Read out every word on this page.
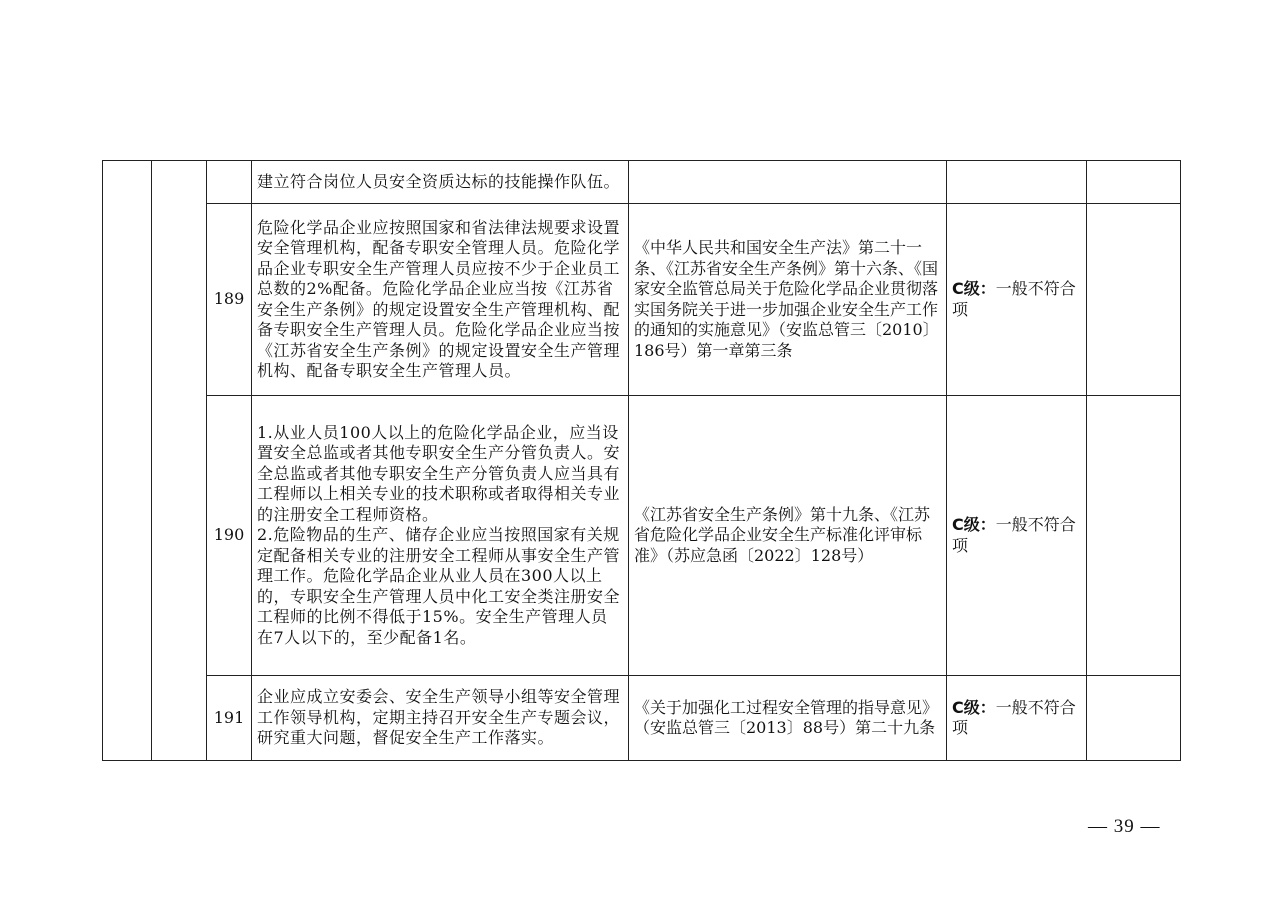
			建立符合岗位人员安全资质达标的技能操作队伍。			

		189	危险化学品企业应按照国家和省法律法规要求设置安全管理机构，配备专职安全管理人员。危险化学品企业专职安全生产管理人员应按不少于企业员工总数的2%配备。危险化学品企业应当按《江苏省安全生产条例》的规定设置安全生产管理机构、配备专职安全生产管理人员。危险化学品企业应当按《江苏省安全生产条例》的规定设置安全生产管理机构、配备专职安全生产管理人员。	《中华人民共和国安全生产法》第二十一条、《江苏省安全生产条例》第十六条、《国家安全监管总局关于危险化学品企业贯彻落实国务院关于进一步加强企业安全生产工作的通知的实施意见》（安监总管三〔2010〕186号）第一章第三条	C级：一般不符合项	
		190	1.从业人员100人以上的危险化学品企业，应当设置安全总监或者其他专职安全生产分管负责人。安全总监或者其他专职安全生产分管负责人应当具有工程师以上相关专业的技术职称或者取得相关专业的注册安全工程师资格。
2.危险物品的生产、储存企业应当按照国家有关规定配备相关专业的注册安全工程师从事安全生产管理工作。危险化学品企业从业人员在300人以上的，专职安全生产管理人员中化工安全类注册安全工程师的比例不得低于15%。安全生产管理人员在7人以下的，至少配备1名。	《江苏省安全生产条例》第十九条、《江苏省危险化学品企业安全生产标准化评审标准》（苏应急函〔2022〕128号）	C级：一般不符合项	
		191	企业应成立安委会、安全生产领导小组等安全管理工作领导机构，定期主持召开安全生产专题会议，研究重大问题，督促安全生产工作落实。	《关于加强化工过程安全管理的指导意见》（安监总管三〔2013〕88号）第二十九条	C级：一般不符合项	
— 39 —
